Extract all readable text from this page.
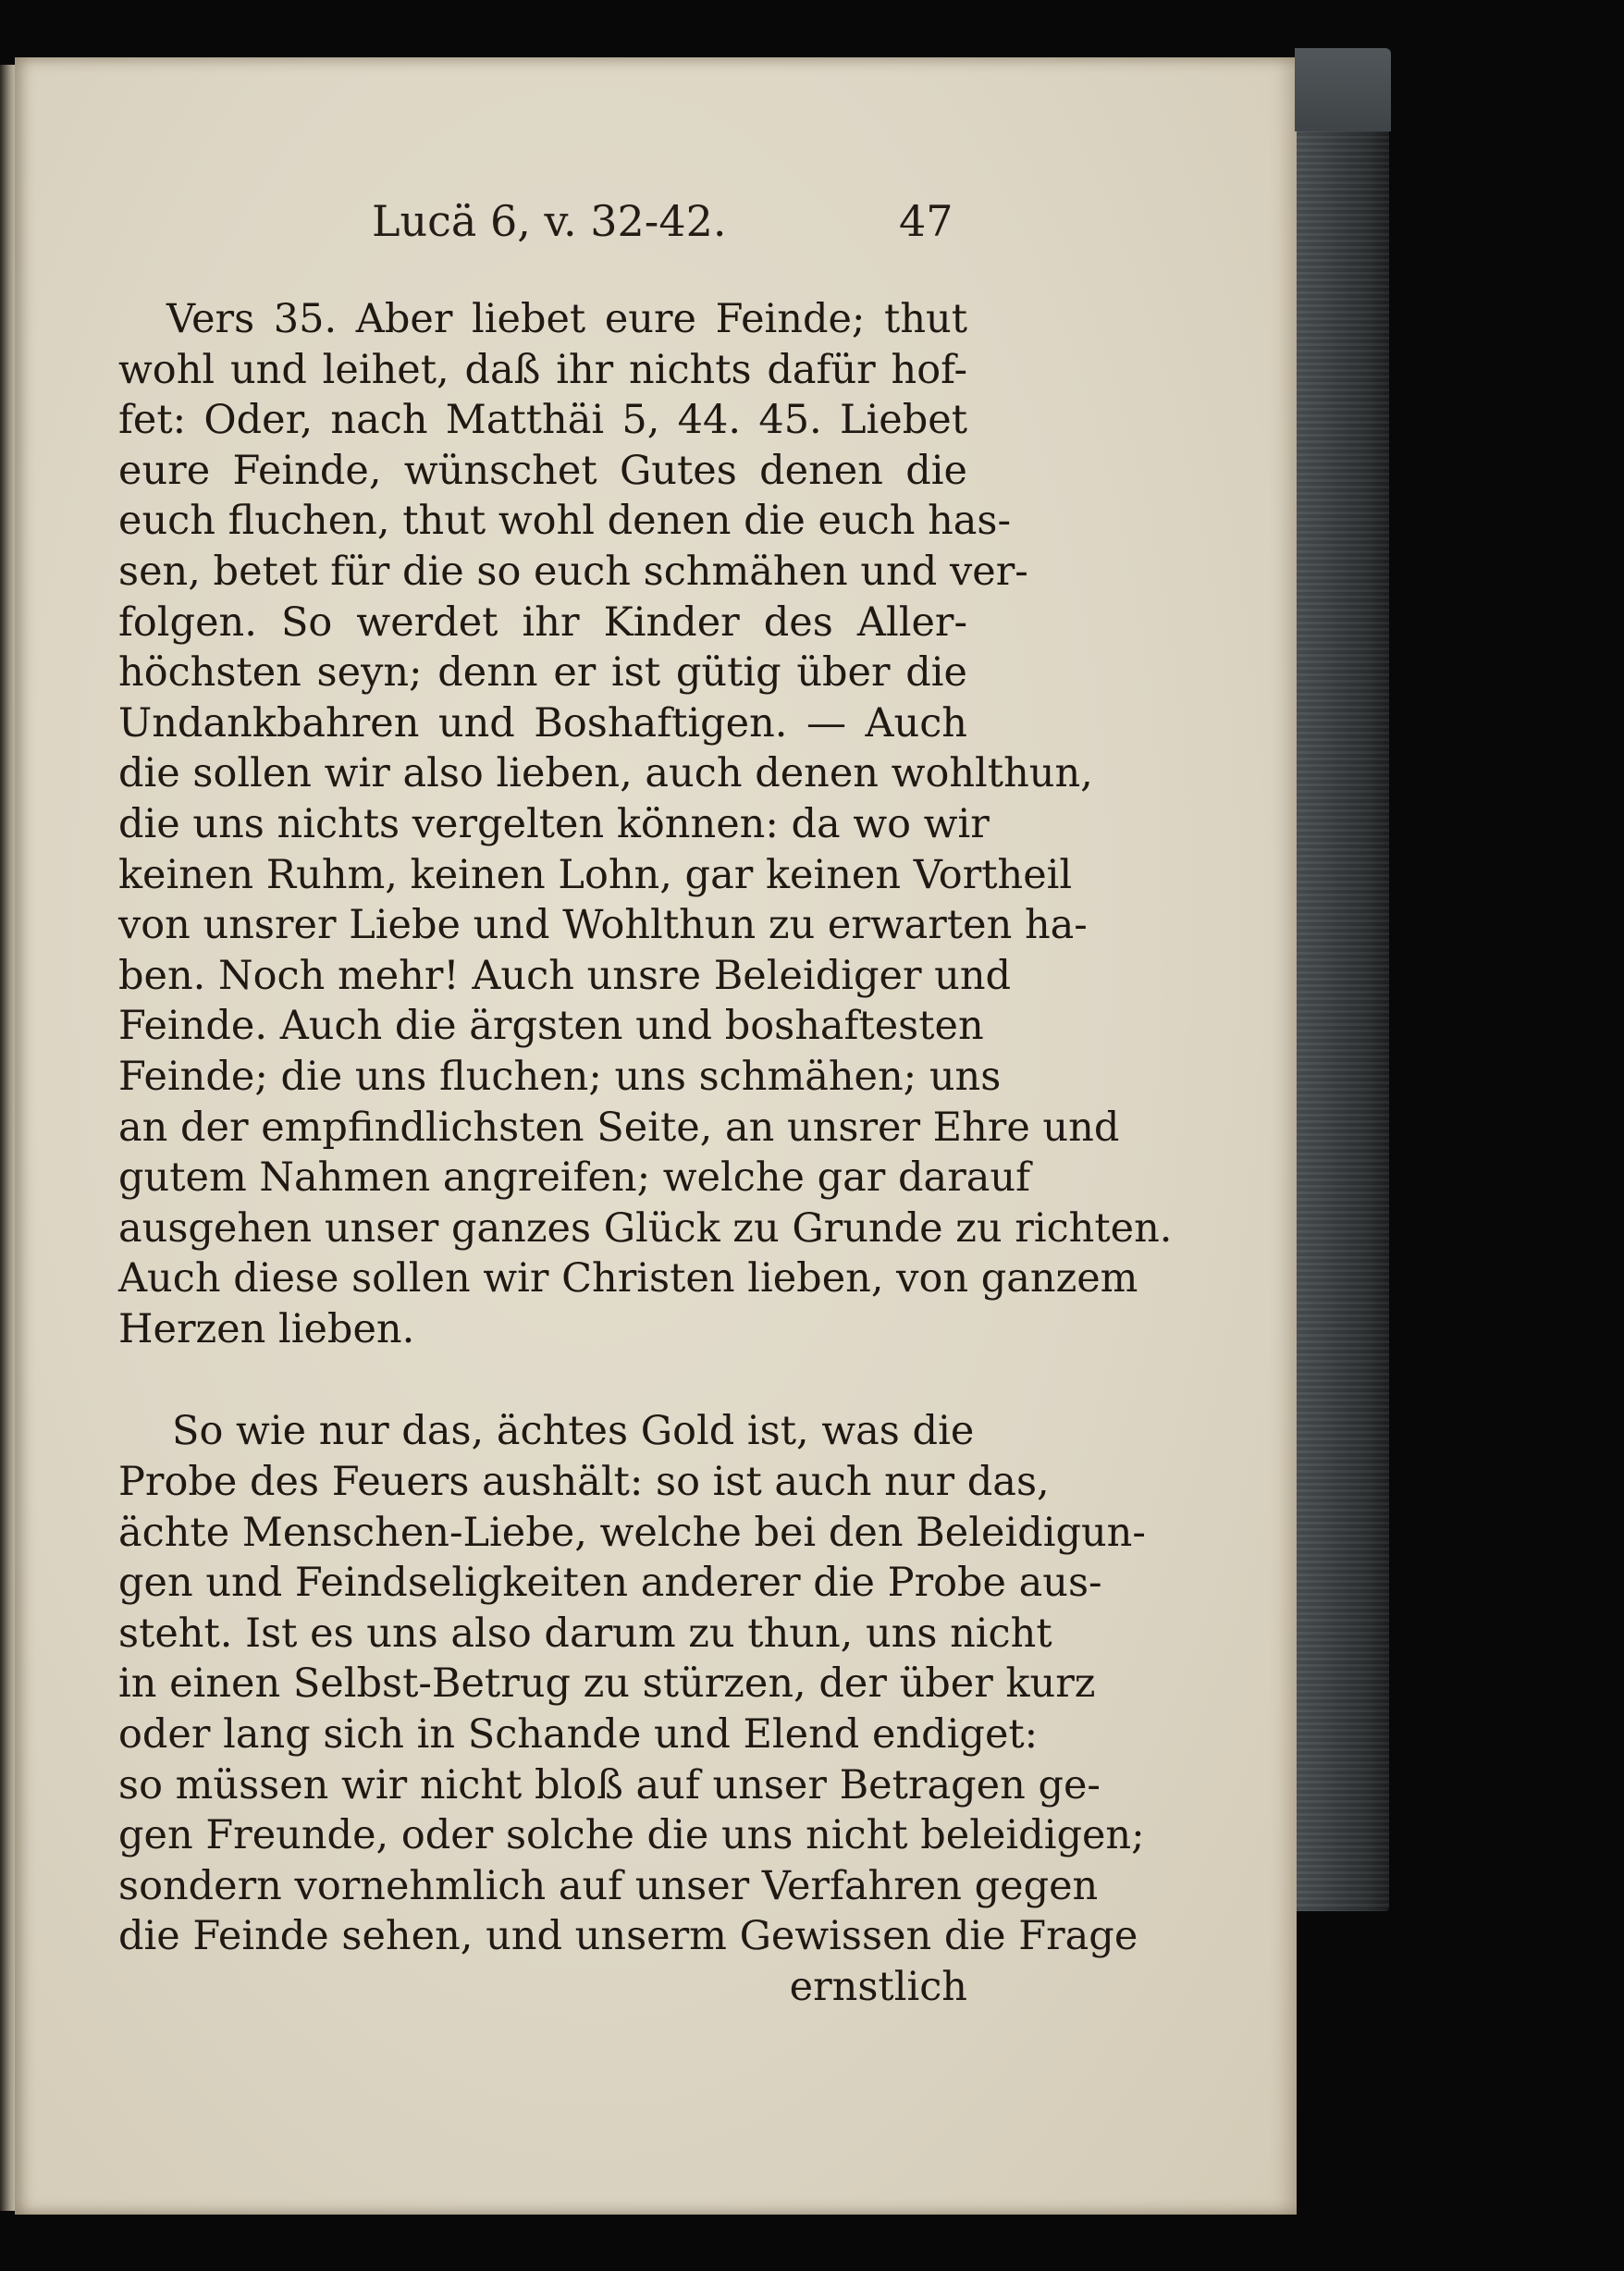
Lucä 6, v. 32-42.	47
Vers 35. Aber liebet eure Feinde; thut
wohl und leihet, daß ihr nichts dafür hof-
fet: Oder, nach Matthäi 5, 44. 45. Liebet
eure Feinde, wünschet Gutes denen die
euch fluchen, thut wohl denen die euch has-
sen, betet für die so euch schmähen und ver-
folgen. So werdet ihr Kinder des Aller-
höchsten seyn; denn er ist gütig über die
Undankbahren und Boshaftigen. — Auch
die sollen wir also lieben, auch denen wohlthun,
die uns nichts vergelten können: da wo wir
keinen Ruhm, keinen Lohn, gar keinen Vortheil
von unsrer Liebe und Wohlthun zu erwarten ha-
ben. Noch mehr! Auch unsre Beleidiger und
Feinde. Auch die ärgsten und boshaftesten
Feinde; die uns fluchen; uns schmähen; uns
an der empfindlichsten Seite, an unsrer Ehre und
gutem Nahmen angreifen; welche gar darauf
ausgehen unser ganzes Glück zu Grunde zu richten.
Auch diese sollen wir Christen lieben, von ganzem
Herzen lieben.
So wie nur das, ächtes Gold ist, was die
Probe des Feuers aushält: so ist auch nur das,
ächte Menschen-Liebe, welche bei den Beleidigun-
gen und Feindseligkeiten anderer die Probe aus-
steht. Ist es uns also darum zu thun, uns nicht
in einen Selbst-Betrug zu stürzen, der über kurz
oder lang sich in Schande und Elend endiget:
so müssen wir nicht bloß auf unser Betragen ge-
gen Freunde, oder solche die uns nicht beleidigen;
sondern vornehmlich auf unser Verfahren gegen
die Feinde sehen, und unserm Gewissen die Frage
ernstlich
